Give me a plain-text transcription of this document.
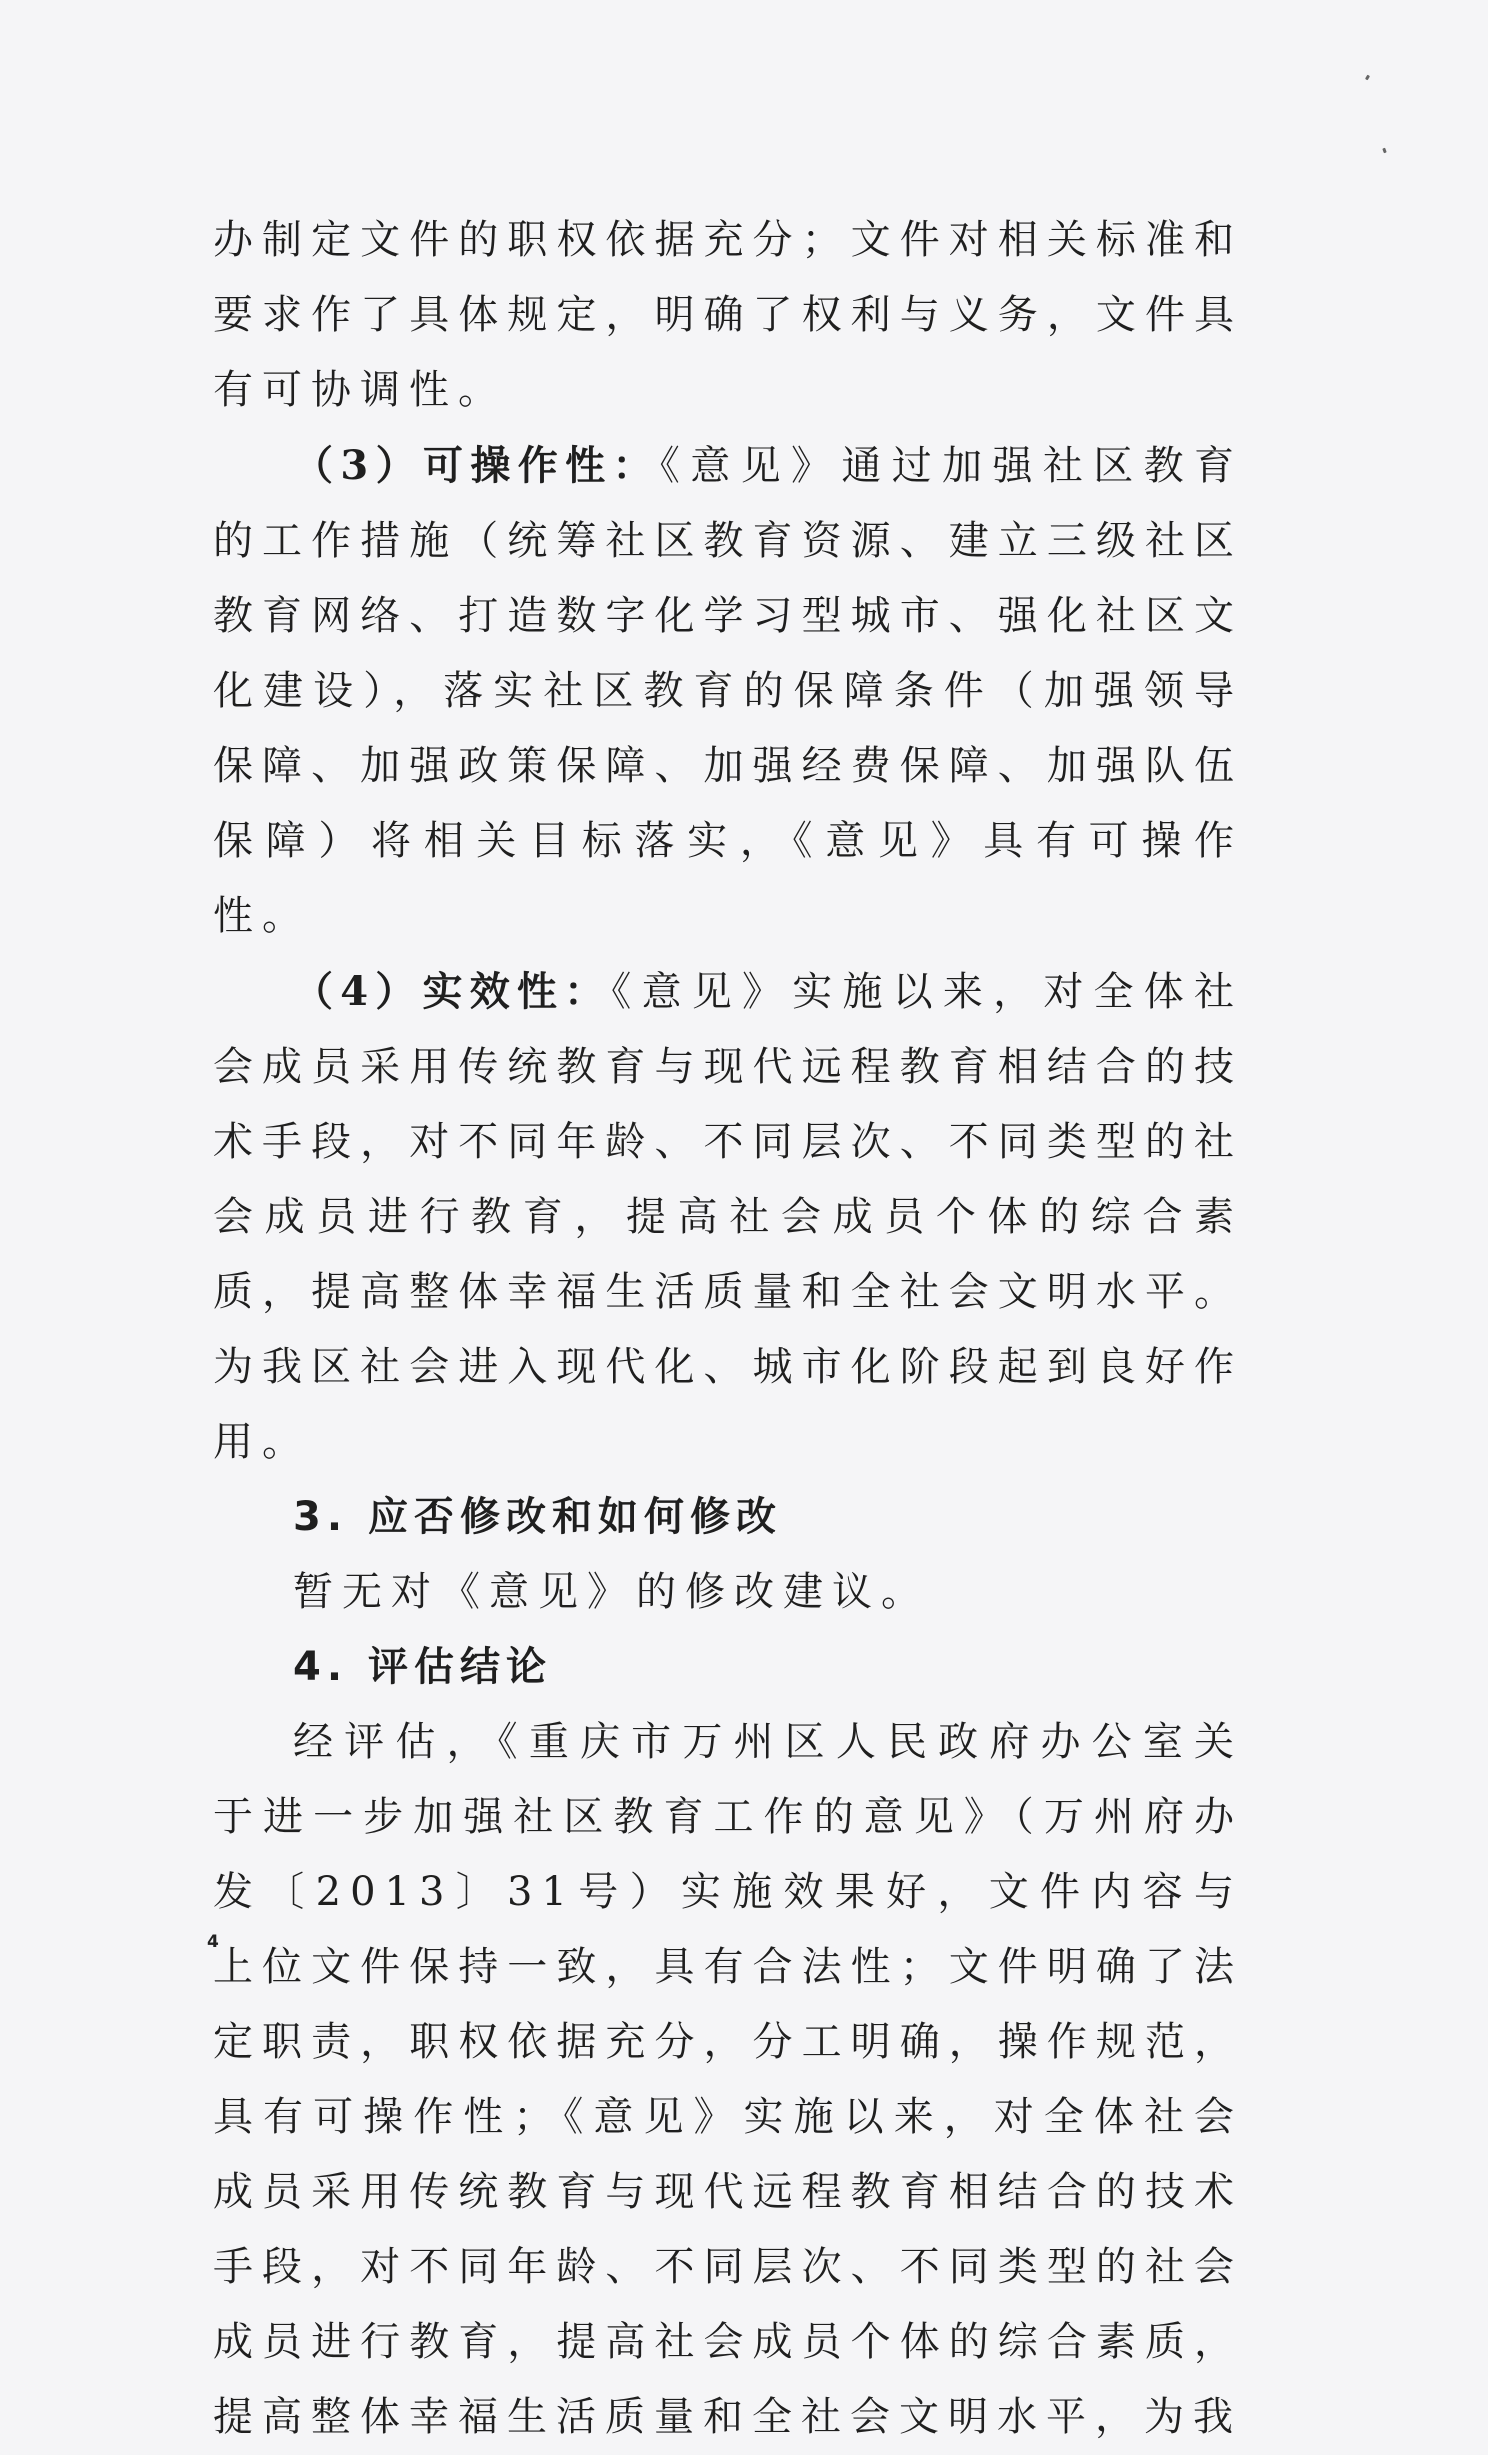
办制定文件的职权依据充分；文件对相关标准和要求作了具体规定，明确了权利与义务，文件具有可协调性。

（3）可操作性：《意见》通过加强社区教育的工作措施（统筹社区教育资源、建立三级社区教育网络、打造数字化学习型城市、强化社区文化建设），落实社区教育的保障条件（加强领导保障、加强政策保障、加强经费保障、加强队伍保障）将相关目标落实，《意见》具有可操作性。

（4）实效性：《意见》实施以来，对全体社会成员采用传统教育与现代远程教育相结合的技术手段，对不同年龄、不同层次、不同类型的社会成员进行教育，提高社会成员个体的综合素质，提高整体幸福生活质量和全社会文明水平。为我区社会进入现代化、城市化阶段起到良好作用。

3. 应否修改和如何修改

暂无对《意见》的修改建议。

4. 评估结论

经评估，《重庆市万州区人民政府办公室关于进一步加强社区教育工作的意见》（万州府办发〔2013〕31号）实施效果好，文件内容与上位文件保持一致，具有合法性；文件明确了法定职责，职权依据充分，分工明确，操作规范，具有可操作性；《意见》实施以来，对全体社会成员采用传统教育与现代远程教育相结合的技术手段，对不同年龄、不同层次、不同类型的社会成员进行教育，提高社会成员个体的综合素质，提高整体幸福生活质量和全社会文明水平，为我

4
